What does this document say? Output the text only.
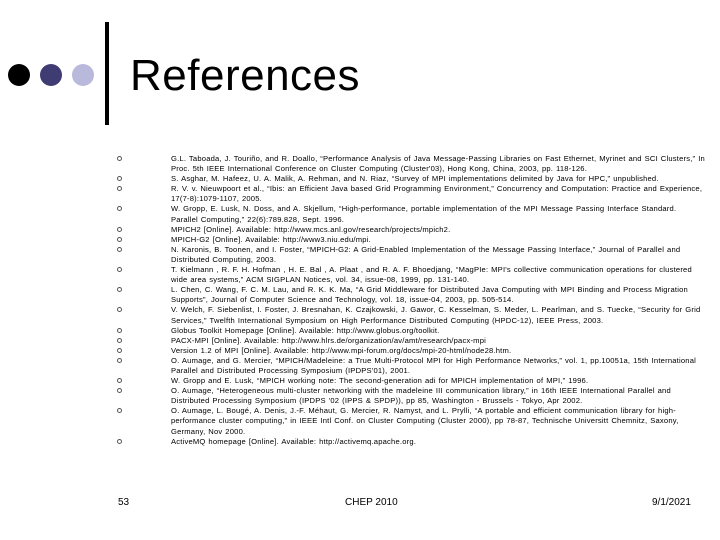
References
G.L. Taboada, J. Touriño, and R. Doallo, “Performance Analysis of Java Message-Passing Libraries on Fast Ethernet, Myrinet and SCI Clusters,” In Proc. 5th IEEE International Conference on Cluster Computing (Cluster'03), Hong Kong, China, 2003, pp. 118-126.
S. Asghar, M. Hafeez, U. A. Malik, A. Rehman, and N. Riaz, “Survey of MPI implementations delimited by Java for HPC,” unpublished.
R. V. v. Nieuwpoort et al., “Ibis: an Efficient Java based Grid Programming Environment,” Concurrency and Computation: Practice and Experience, 17(7-8):1079-1107, 2005.
W. Gropp, E. Lusk, N. Doss, and A. Skjellum, “High-performance, portable implementation of the MPI Message Passing Interface Standard. Parallel Computing,” 22(6):789.828, Sept. 1996.
MPICH2 [Online]. Available: http://www.mcs.anl.gov/research/projects/mpich2.
MPICH-G2 [Online]. Available: http://www3.niu.edu/mpi.
N. Karonis, B. Toonen, and I. Foster, “MPICH-G2: A Grid-Enabled Implementation of the Message Passing Interface,” Journal of Parallel and Distributed Computing, 2003.
T. Kielmann , R. F. H. Hofman , H. E. Bal , A. Plaat , and R. A. F. Bhoedjang, “MagPIe: MPI's collective communication operations for clustered wide area systems,” ACM SIGPLAN Notices, vol. 34, issue-08, 1999, pp. 131-140.
L. Chen, C. Wang, F. C. M. Lau, and R. K. K. Ma, “A Grid Middleware for Distributed Java Computing with MPI Binding and Process Migration Supports”, Journal of Computer Science and Technology, vol. 18, issue-04, 2003, pp. 505-514.
V. Welch, F. Siebenlist, I. Foster, J. Bresnahan, K. Czajkowski, J. Gawor, C. Kesselman, S. Meder, L. Pearlman, and S. Tuecke, “Security for Grid Services,” Twelfth International Symposium on High Performance Distributed Computing (HPDC-12), IEEE Press, 2003.
Globus Toolkit Homepage [Online]. Available: http://www.globus.org/toolkit.
PACX-MPI [Online]. Available: http://www.hlrs.de/organization/av/amt/research/pacx-mpi
Version 1.2 of MPI [Online]. Available: http://www.mpi-forum.org/docs/mpi-20-html/node28.htm.
O. Aumage, and G. Mercier, “MPICH/Madeleine: a True Multi-Protocol MPI for High Performance Networks,” vol. 1, pp.10051a, 15th International Parallel and Distributed Processing Symposium (IPDPS'01), 2001.
W. Gropp and E. Lusk, “MPICH working note: The second-generation adi for MPICH implementation of MPI,” 1996.
O. Aumage, “Heterogeneous multi-cluster networking with the madeleine III communication library,” in 16th IEEE International Parallel and Distributed Processing Symposium (IPDPS '02 (IPPS & SPDP)), pp 85, Washington - Brussels - Tokyo, Apr 2002.
O. Aumage, L. Bougé, A. Denis, J.-F. Méhaut, G. Mercier, R. Namyst, and L. Prylli, “A portable and efficient communication library for high-performance cluster computing,” in IEEE Intl Conf. on Cluster Computing (Cluster 2000), pp 78-87, Technische Universitt Chemnitz, Saxony, Germany, Nov 2000.
ActiveMQ homepage [Online]. Available: http://activemq.apache.org.
53	CHEP 2010	9/1/2021
